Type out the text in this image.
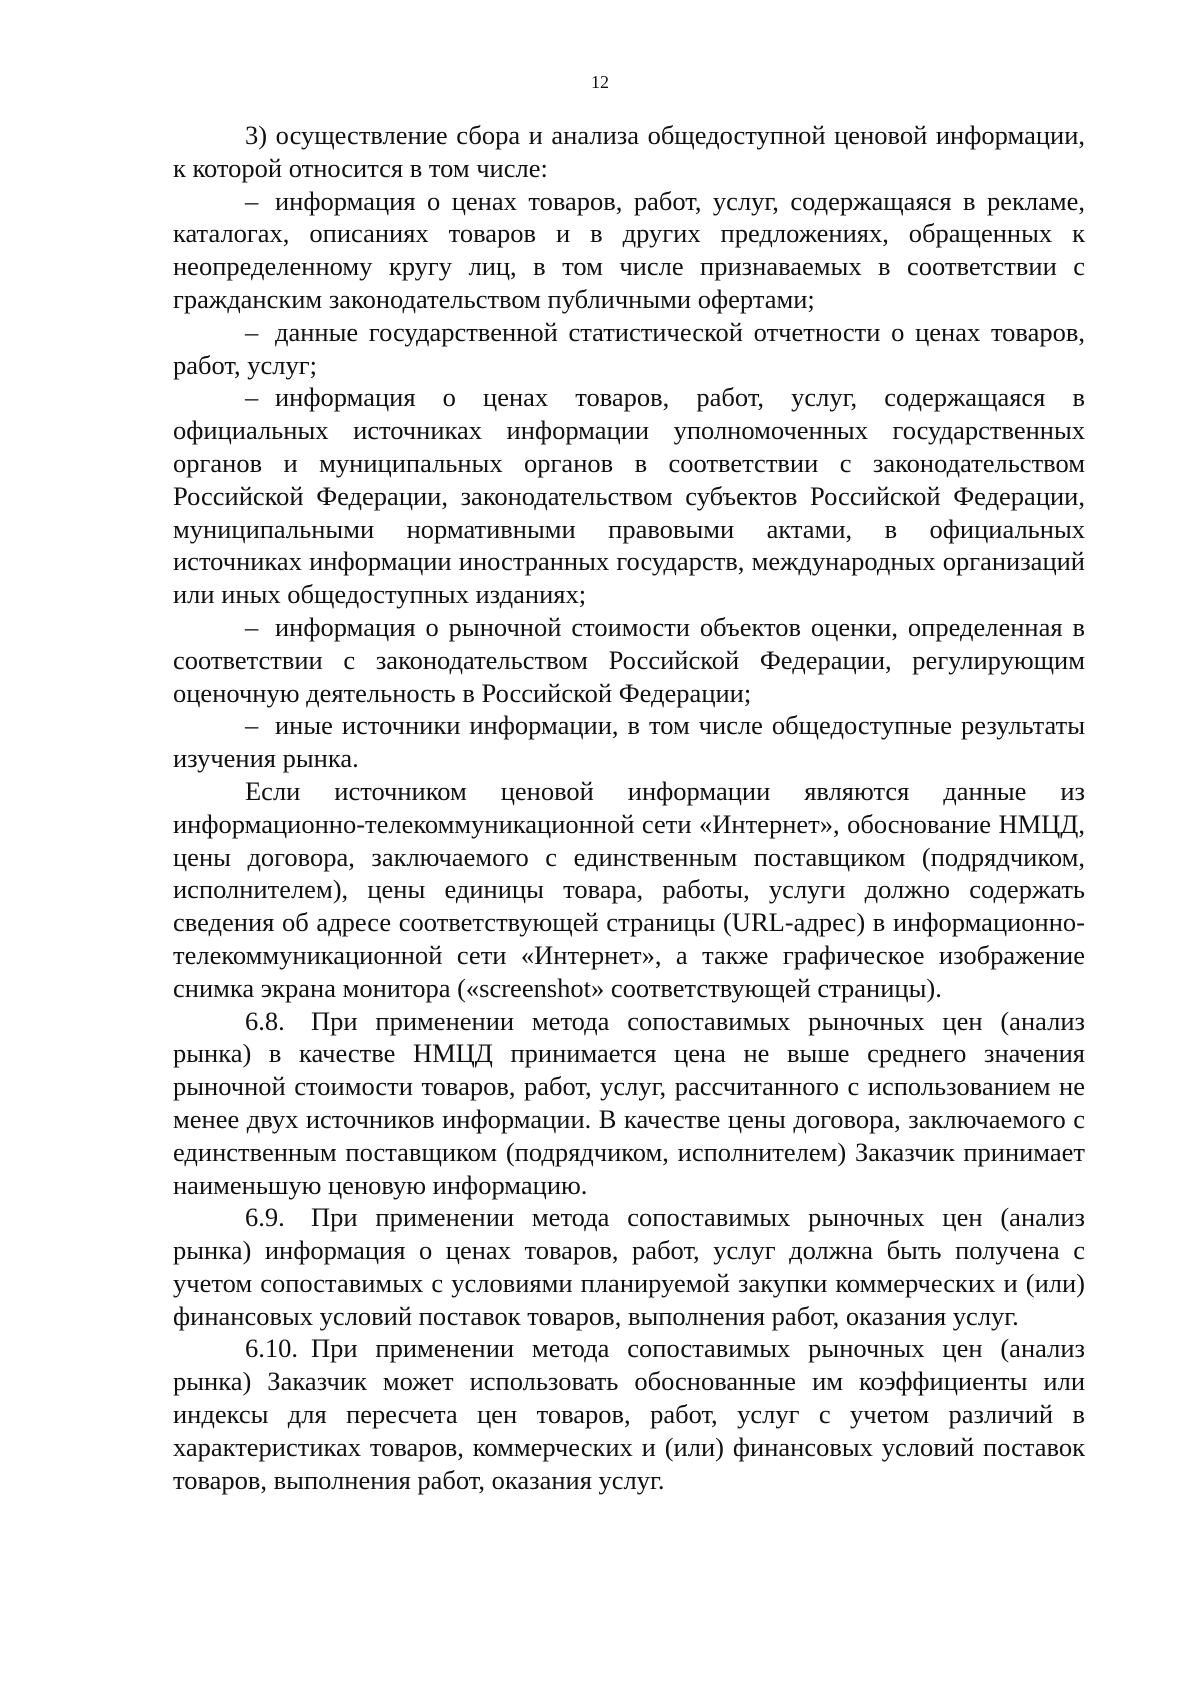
12

3) осуществление сбора и анализа общедоступной ценовой информации, к которой относится в том числе:

– информация о ценах товаров, работ, услуг, содержащаяся в рекламе, каталогах, описаниях товаров и в других предложениях, обращенных к неопределенному кругу лиц, в том числе признаваемых в соответствии с гражданским законодательством публичными офертами;

– данные государственной статистической отчетности о ценах товаров, работ, услуг;

– информация о ценах товаров, работ, услуг, содержащаяся в официальных источниках информации уполномоченных государственных органов и муниципальных органов в соответствии с законодательством Российской Федерации, законодательством субъектов Российской Федерации, муниципальными нормативными правовыми актами, в официальных источниках информации иностранных государств, международных организаций или иных общедоступных изданиях;

– информация о рыночной стоимости объектов оценки, определенная в соответствии с законодательством Российской Федерации, регулирующим оценочную деятельность в Российской Федерации;

– иные источники информации, в том числе общедоступные результаты изучения рынка.

Если источником ценовой информации являются данные из информационно-телекоммуникационной сети «Интернет», обоснование НМЦД, цены договора, заключаемого с единственным поставщиком (подрядчиком, исполнителем), цены единицы товара, работы, услуги должно содержать сведения об адресе соответствующей страницы (URL-адрес) в информационно-телекоммуникационной сети «Интернет», а также графическое изображение снимка экрана монитора («screenshot» соответствующей страницы).

6.8. При применении метода сопоставимых рыночных цен (анализ рынка) в качестве НМЦД принимается цена не выше среднего значения рыночной стоимости товаров, работ, услуг, рассчитанного с использованием не менее двух источников информации. В качестве цены договора, заключаемого с единственным поставщиком (подрядчиком, исполнителем) Заказчик принимает наименьшую ценовую информацию.

6.9. При применении метода сопоставимых рыночных цен (анализ рынка) информация о ценах товаров, работ, услуг должна быть получена с учетом сопоставимых с условиями планируемой закупки коммерческих и (или) финансовых условий поставок товаров, выполнения работ, оказания услуг.

6.10. При применении метода сопоставимых рыночных цен (анализ рынка) Заказчик может использовать обоснованные им коэффициенты или индексы для пересчета цен товаров, работ, услуг с учетом различий в характеристиках товаров, коммерческих и (или) финансовых условий поставок товаров, выполнения работ, оказания услуг.
